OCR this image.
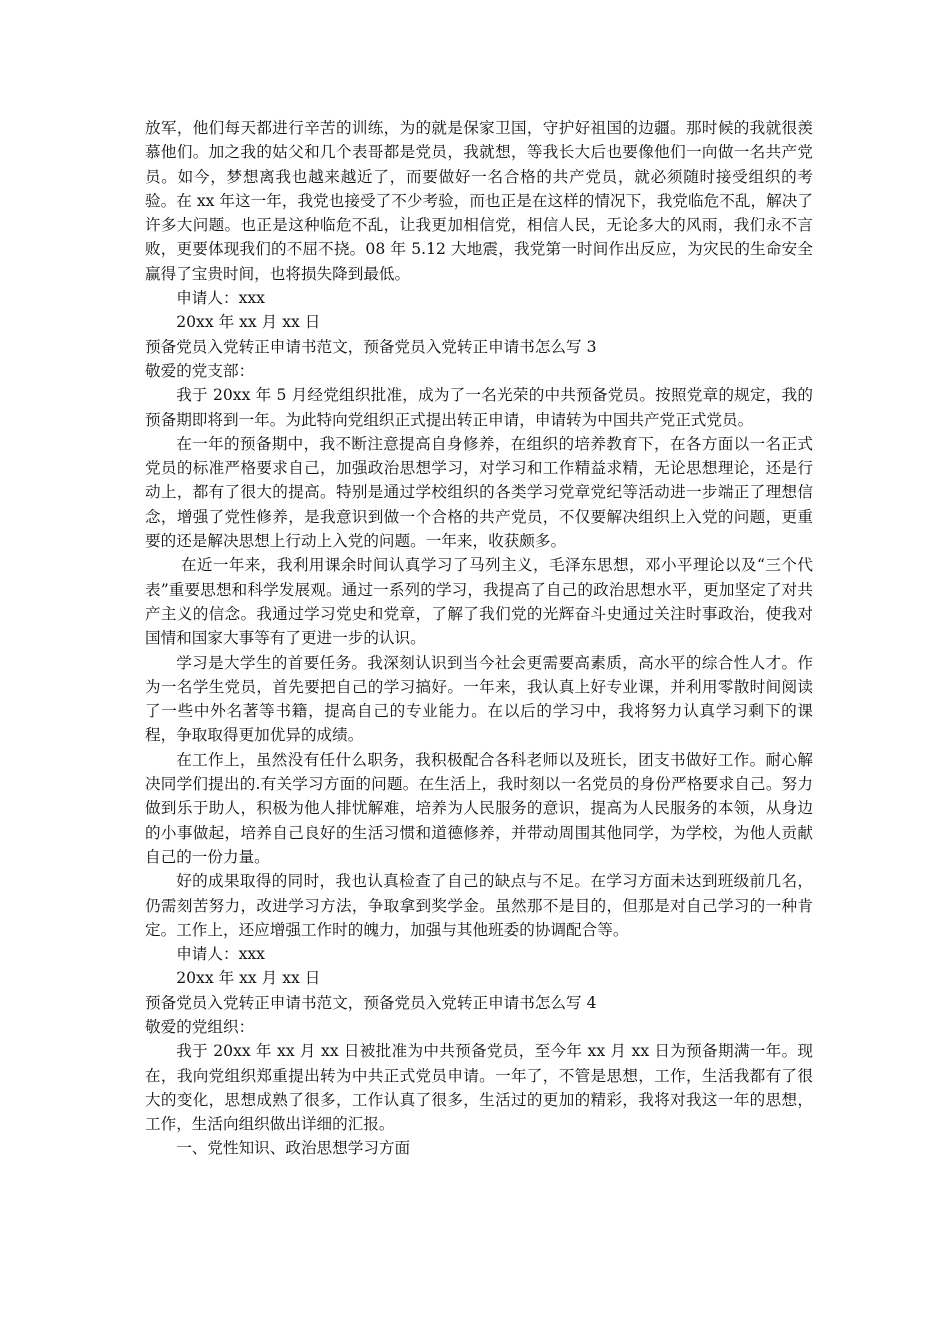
放军，他们每天都进行辛苦的训练，为的就是保家卫国，守护好祖国的边疆。那时候的我就很羡慕他们。加之我的姑父和几个表哥都是党员，我就想，等我长大后也要像他们一向做一名共产党员。如今，梦想离我也越来越近了，而要做好一名合格的共产党员，就必须随时接受组织的考验。在 xx 年这一年，我党也接受了不少考验，而也正是在这样的情况下，我党临危不乱，解决了许多大问题。也正是这种临危不乱，让我更加相信党，相信人民，无论多大的风雨，我们永不言败，更要体现我们的不屈不挠。08 年 5.12 大地震，我党第一时间作出反应，为灾民的生命安全赢得了宝贵时间，也将损失降到最低。

申请人：xxx

20xx 年 xx 月 xx 日

预备党员入党转正申请书范文，预备党员入党转正申请书怎么写 3

敬爱的党支部：

我于 20xx 年 5 月经党组织批准，成为了一名光荣的中共预备党员。按照党章的规定，我的预备期即将到一年。为此特向党组织正式提出转正申请，申请转为中国共产党正式党员。

在一年的预备期中，我不断注意提高自身修养，在组织的培养教育下，在各方面以一名正式党员的标准严格要求自己，加强政治思想学习，对学习和工作精益求精，无论思想理论，还是行动上，都有了很大的提高。特别是通过学校组织的各类学习党章党纪等活动进一步端正了理想信念，增强了党性修养，是我意识到做一个合格的共产党员，不仅要解决组织上入党的问题，更重要的还是解决思想上行动上入党的问题。一年来，收获颇多。

在近一年来，我利用课余时间认真学习了马列主义，毛泽东思想，邓小平理论以及“三个代表”重要思想和科学发展观。通过一系列的学习，我提高了自己的政治思想水平，更加坚定了对共产主义的信念。我通过学习党史和党章，了解了我们党的光辉奋斗史通过关注时事政治，使我对国情和国家大事等有了更进一步的认识。

学习是大学生的首要任务。我深刻认识到当今社会更需要高素质，高水平的综合性人才。作为一名学生党员，首先要把自己的学习搞好。一年来，我认真上好专业课，并利用零散时间阅读了一些中外名著等书籍，提高自己的专业能力。在以后的学习中，我将努力认真学习剩下的课程，争取取得更加优异的成绩。

在工作上，虽然没有任什么职务，我积极配合各科老师以及班长，团支书做好工作。耐心解决同学们提出的.有关学习方面的问题。在生活上，我时刻以一名党员的身份严格要求自己。努力做到乐于助人，积极为他人排忧解难，培养为人民服务的意识，提高为人民服务的本领，从身边的小事做起，培养自己良好的生活习惯和道德修养，并带动周围其他同学，为学校，为他人贡献自己的一份力量。

好的成果取得的同时，我也认真检查了自己的缺点与不足。在学习方面未达到班级前几名，仍需刻苦努力，改进学习方法，争取拿到奖学金。虽然那不是目的，但那是对自己学习的一种肯定。工作上，还应增强工作时的魄力，加强与其他班委的协调配合等。

申请人：xxx

20xx 年 xx 月 xx 日

预备党员入党转正申请书范文，预备党员入党转正申请书怎么写 4

敬爱的党组织：

我于 20xx 年 xx 月 xx 日被批准为中共预备党员，至今年 xx 月 xx 日为预备期满一年。现在，我向党组织郑重提出转为中共正式党员申请。一年了，不管是思想，工作，生活我都有了很大的变化，思想成熟了很多，工作认真了很多，生活过的更加的精彩，我将对我这一年的思想，工作，生活向组织做出详细的汇报。

一、党性知识、政治思想学习方面
